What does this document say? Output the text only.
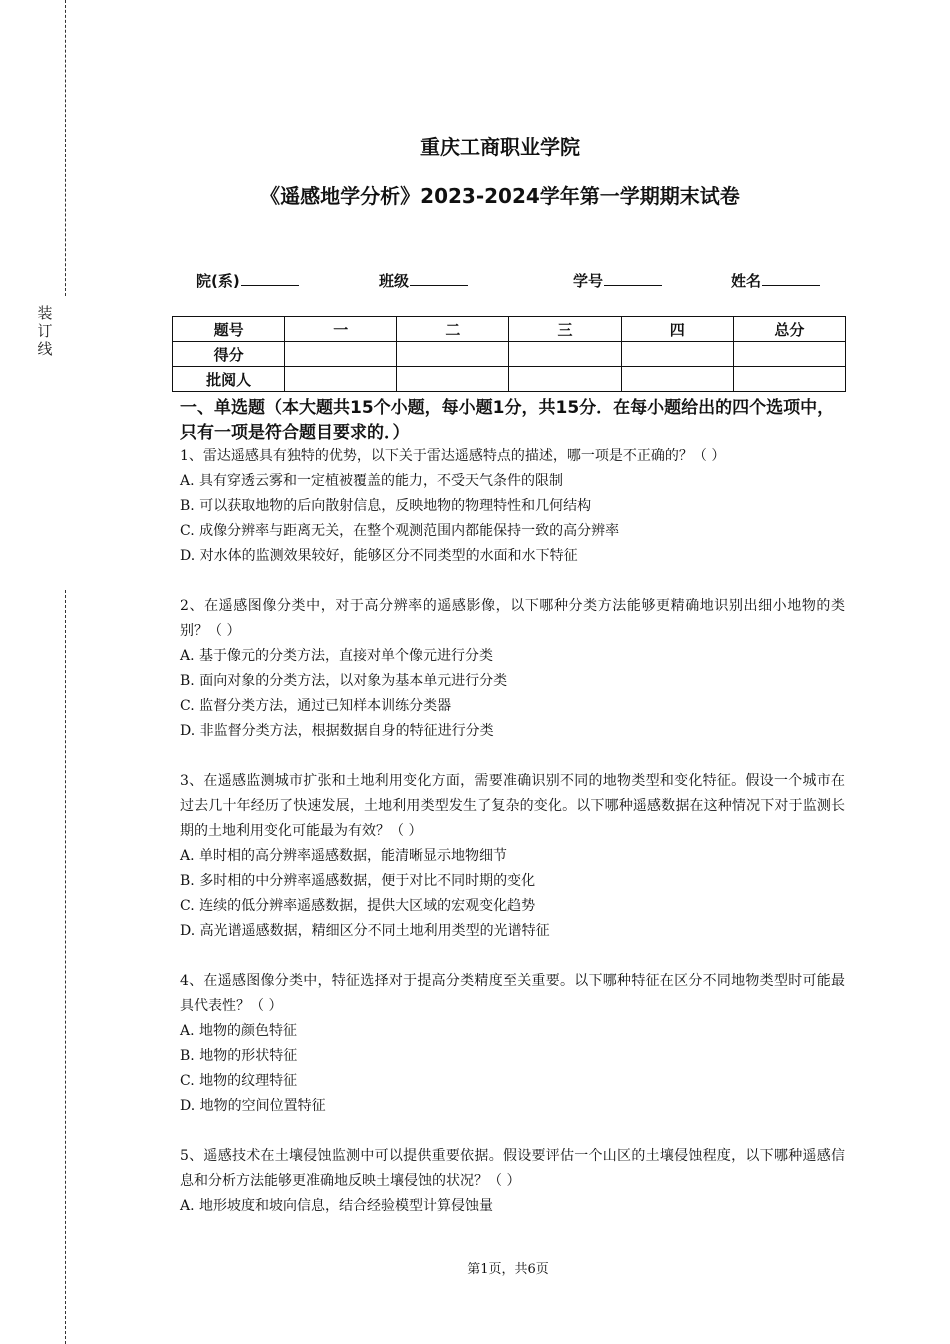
装
订
线
重庆工商职业学院
《遥感地学分析》2023-2024学年第一学期期末试卷
院(系)	班级	学号	姓名
题号	一	二	三	四	总分
得分					
批阅人					
一、单选题（本大题共15个小题，每小题1分，共15分．在每小题给出的四个选项中，只有一项是符合题目要求的．）
1、雷达遥感具有独特的优势，以下关于雷达遥感特点的描述，哪一项是不正确的？（ ）
A. 具有穿透云雾和一定植被覆盖的能力，不受天气条件的限制
B. 可以获取地物的后向散射信息，反映地物的物理特性和几何结构
C. 成像分辨率与距离无关，在整个观测范围内都能保持一致的高分辨率
D. 对水体的监测效果较好，能够区分不同类型的水面和水下特征
2、在遥感图像分类中，对于高分辨率的遥感影像，以下哪种分类方法能够更精确地识别出细小地物的类别？（ ）
A. 基于像元的分类方法，直接对单个像元进行分类
B. 面向对象的分类方法，以对象为基本单元进行分类
C. 监督分类方法，通过已知样本训练分类器
D. 非监督分类方法，根据数据自身的特征进行分类
3、在遥感监测城市扩张和土地利用变化方面，需要准确识别不同的地物类型和变化特征。假设一个城市在过去几十年经历了快速发展，土地利用类型发生了复杂的变化。以下哪种遥感数据在这种情况下对于监测长期的土地利用变化可能最为有效？（ ）
A. 单时相的高分辨率遥感数据，能清晰显示地物细节
B. 多时相的中分辨率遥感数据，便于对比不同时期的变化
C. 连续的低分辨率遥感数据，提供大区域的宏观变化趋势
D. 高光谱遥感数据，精细区分不同土地利用类型的光谱特征
4、在遥感图像分类中，特征选择对于提高分类精度至关重要。以下哪种特征在区分不同地物类型时可能最具代表性？（ ）
A. 地物的颜色特征
B. 地物的形状特征
C. 地物的纹理特征
D. 地物的空间位置特征
5、遥感技术在土壤侵蚀监测中可以提供重要依据。假设要评估一个山区的土壤侵蚀程度，以下哪种遥感信息和分析方法能够更准确地反映土壤侵蚀的状况？（ ）
A. 地形坡度和坡向信息，结合经验模型计算侵蚀量
第1页，共6页
